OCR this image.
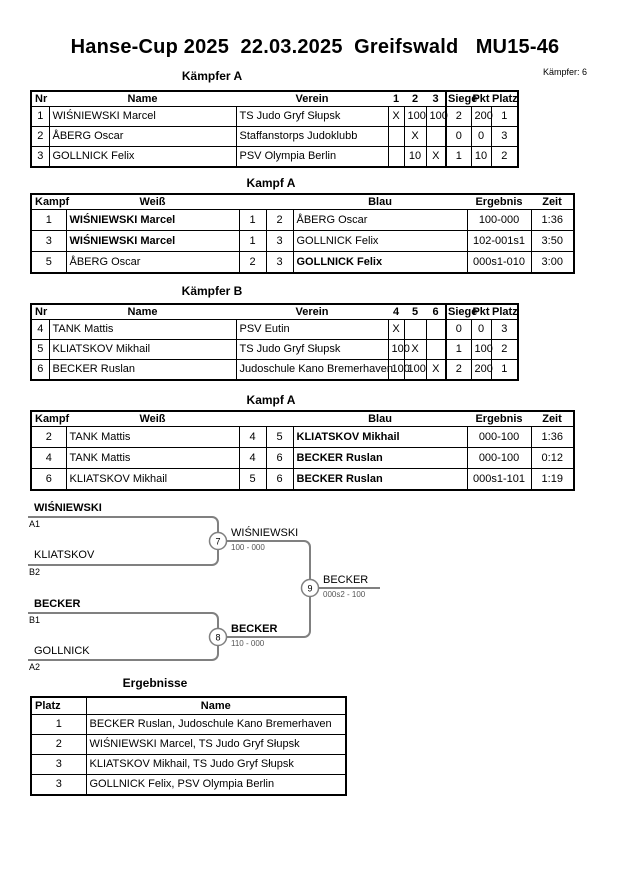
Hanse-Cup 2025  22.03.2025  Greifswald   MU15-46
Kämpfer: 6
Kämpfer A
Nr	Name	Verein	1	2	3	Siege	Pkt	Platz
1	WIŚNIEWSKI Marcel	TS Judo Gryf Słupsk	X	100	100	2	200	1
2	ÅBERG Oscar	Staffanstorps Judoklubb		X		0	0	3
3	GOLLNICK Felix	PSV Olympia Berlin		10	X	1	10	2
Kampf A
Kampf	Weiß			Blau	Ergebnis	Zeit
1	WIŚNIEWSKI Marcel	1	2	ÅBERG Oscar	100-000	1:36
3	WIŚNIEWSKI Marcel	1	3	GOLLNICK Felix	102-001s1	3:50
5	ÅBERG Oscar	2	3	GOLLNICK Felix	000s1-010	3:00
Kämpfer B
Nr	Name	Verein	4	5	6	Siege	Pkt	Platz
4	TANK Mattis	PSV Eutin	X			0	0	3
5	KLIATSKOV Mikhail	TS Judo Gryf Słupsk	100	X		1	100	2
6	BECKER Ruslan	Judoschule Kano Bremerhaven	100	100	X	2	200	1
Kampf A
Kampf	Weiß			Blau	Ergebnis	Zeit
2	TANK Mattis	4	5	KLIATSKOV Mikhail	000-100	1:36
4	TANK Mattis	4	6	BECKER Ruslan	000-100	0:12
6	KLIATSKOV Mikhail	5	6	BECKER Ruslan	000s1-101	1:19
7
8
9
WIŚNIEWSKI
A1
KLIATSKOV
B2
BECKER
B1
GOLLNICK
A2
WIŚNIEWSKI
100 - 000
BECKER
110 - 000
BECKER
000s2 - 100
Ergebnisse
Platz	Name
1	BECKER Ruslan, Judoschule Kano Bremerhaven
2	WIŚNIEWSKI Marcel, TS Judo Gryf Słupsk
3	KLIATSKOV Mikhail, TS Judo Gryf Słupsk
3	GOLLNICK Felix, PSV Olympia Berlin
